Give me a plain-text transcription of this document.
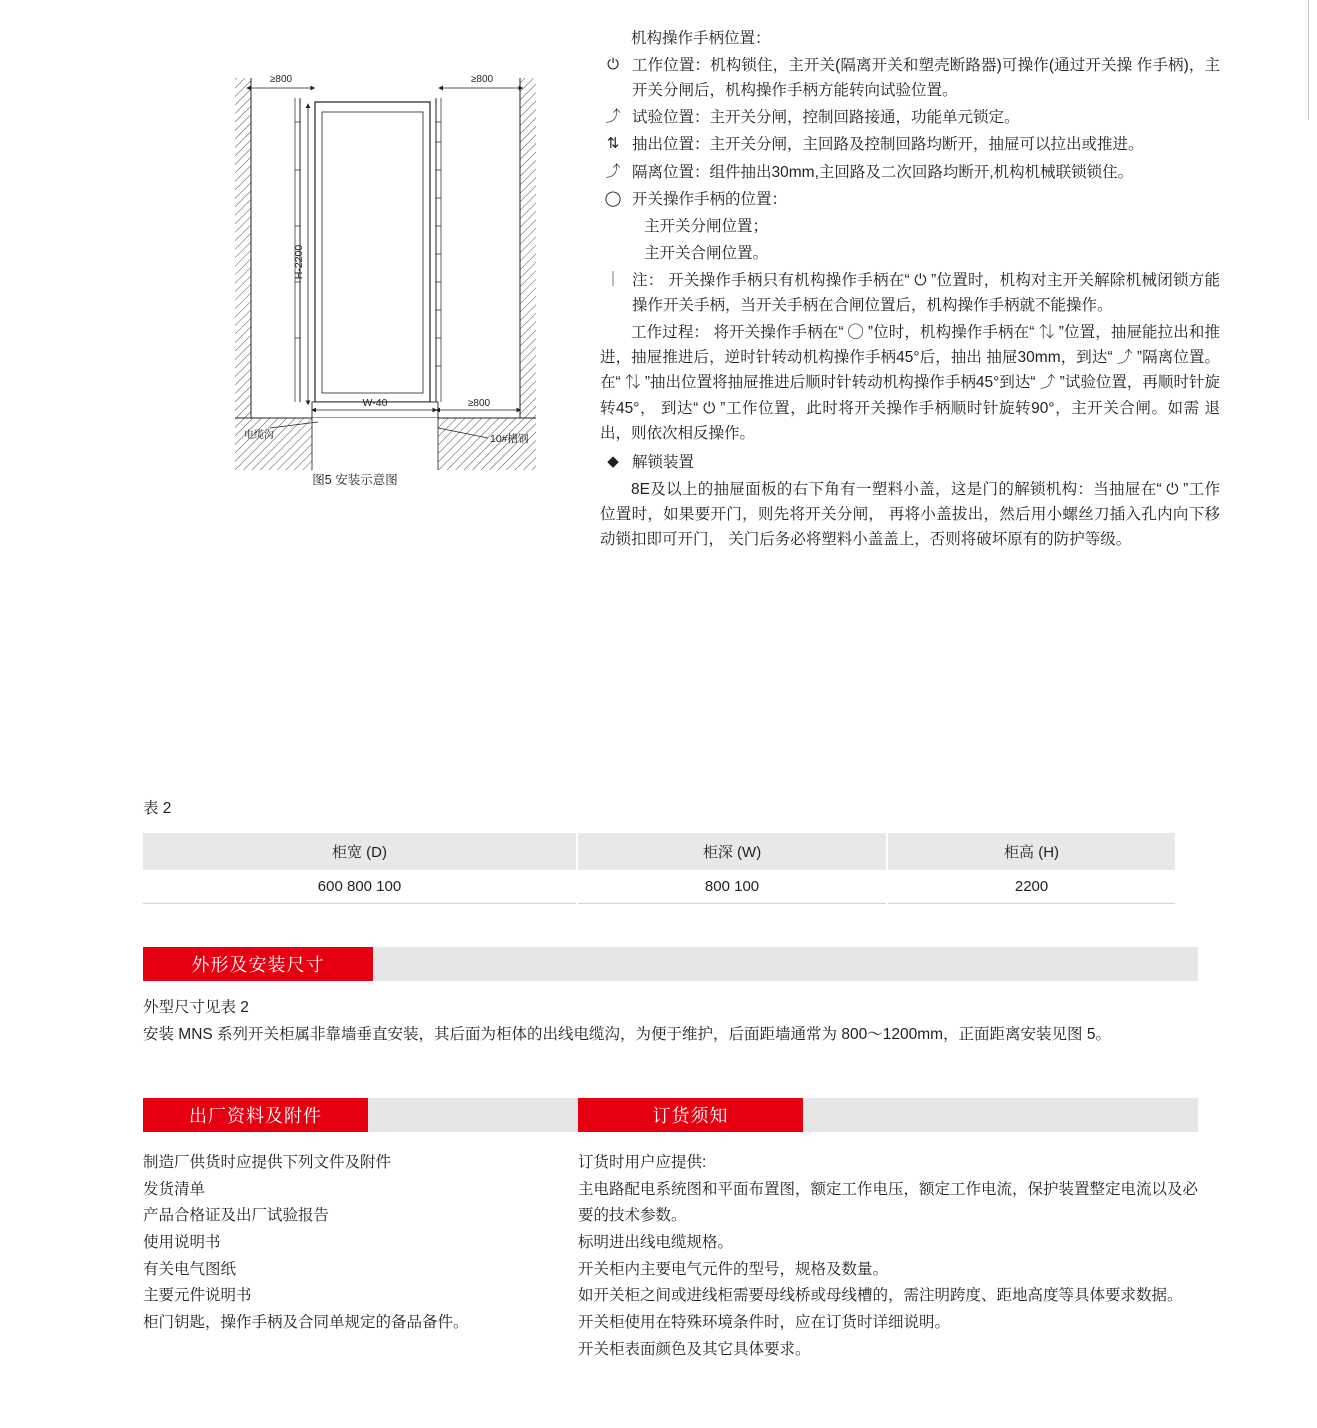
≥800	≥800
H-2200
W-40	≥800
电缆沟	10#槽钢
图5 安装示意图

机构操作手柄位置：

⏻ 工作位置：机构锁住，主开关(隔离开关和塑壳断路器)可操作(通过开关操 作手柄)，主开关分闸后，机构操作手柄方能转向试验位置。
⤴ 试验位置：主开关分闸，控制回路接通，功能单元锁定。
⇅ 抽出位置：主开关分闸，主回路及控制回路均断开，抽屉可以拉出或推进。
⤴ 隔离位置：组件抽出30mm,主回路及二次回路均断开,机构机械联锁锁住。
◯ 开关操作手柄的位置：

主开关分闸位置；

主开关合闸位置。

｜ 注： 开关操作手柄只有机构操作手柄在“ ⏻ ”位置时，机构对主开关解除机械闭锁方能操作开关手柄，当开关手柄在合闸位置后，机构操作手柄就不能操作。

工作过程： 将开关操作手柄在“ ◯ ”位时，机构操作手柄在“ ⇅ ”位置，抽屉能拉出和推进，抽屉推进后，逆时针转动机构操作手柄45°后，抽出 抽屉30mm，到达“ ⤴ ”隔离位置。在“ ⇅ ”抽出位置将抽屉推进后顺时针转动机构操作手柄45°到达“ ⤴ ”试验位置，再顺时针旋转45°， 到达“ ⏻ ”工作位置，此时将开关操作手柄顺时针旋转90°，主开关合闸。如需 退出，则依次相反操作。

◆ 解锁装置

8E及以上的抽屉面板的右下角有一塑料小盖，这是门的解锁机构：当抽屉在“ ⏻ ”工作位置时，如果要开门，则先将开关分闸， 再将小盖拔出，然后用小螺丝刀插入孔内向下移动锁扣即可开门， 关门后务必将塑料小盖盖上，否则将破坏原有的防护等级。

表 2
柜宽 (D)	柜深 (W)	柜高 (H)
600 800 100	800 100	2200
外形及安装尺寸

外型尺寸见表 2

安装 MNS 系列开关柜属非靠墙垂直安装，其后面为柜体的出线电缆沟，为便于维护，后面距墙通常为 800～1200mm，正面距离安装见图 5。

出厂资料及附件

制造厂供货时应提供下列文件及附件

发货清单

产品合格证及出厂试验报告

使用说明书

有关电气图纸

主要元件说明书

柜门钥匙，操作手柄及合同单规定的备品备件。

订货须知

订货时用户应提供:

主电路配电系统图和平面布置图，额定工作电压，额定工作电流，保护装置整定电流以及必要的技术参数。

标明进出线电缆规格。

开关柜内主要电气元件的型号，规格及数量。

如开关柜之间或进线柜需要母线桥或母线槽的，需注明跨度、距地高度等具体要求数据。

开关柜使用在特殊环境条件时，应在订货时详细说明。

开关柜表面颜色及其它具体要求。
